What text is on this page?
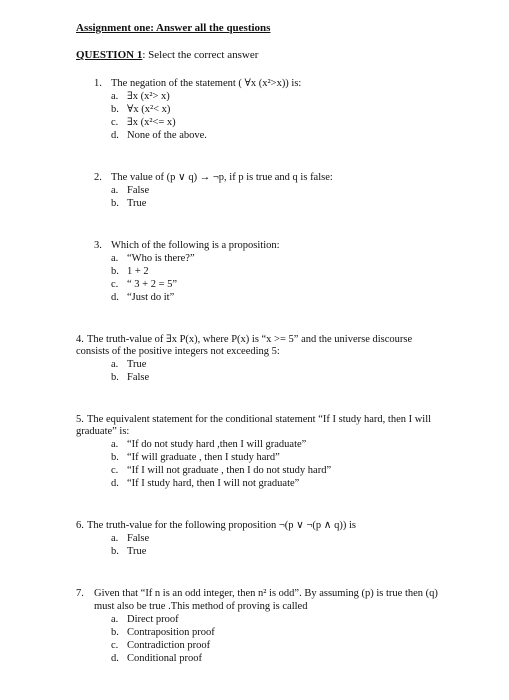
Assignment one: Answer all the questions
QUESTION 1: Select the correct answer
1. The negation of the statement ( ∀x (x²>x)) is:
a. ∃x (x²> x)
b. ∀x (x²< x)
c. ∃x (x²<= x)
d. None of the above.
2. The value of (p ∨ q) → ¬p, if p is true and q is false:
a. False
b. True
3. Which of the following is a proposition:
a. “Who is there?”
b. 1 + 2
c. “ 3 + 2 = 5”
d. “Just do it”
4. The truth-value of ∃x P(x), where P(x) is “x >= 5” and the universe discourse
consists of the positive integers not exceeding 5:
a. True
b. False
5. The equivalent statement for the conditional statement “If I study hard, then I will
graduate” is:
a. “If do not study hard ,then I will graduate”
b. “If will graduate , then I study hard”
c. “If I will not graduate , then I do not study hard”
d. “If I study hard, then I will not graduate”
6. The truth-value for the following proposition ¬(p ∨ ¬(p ∧ q)) is
a. False
b. True
7. Given that “If n is an odd integer, then n² is odd”. By assuming (p) is true then (q)
must also be true .This method of proving is called
a. Direct proof
b. Contraposition proof
c. Contradiction proof
d. Conditional proof
